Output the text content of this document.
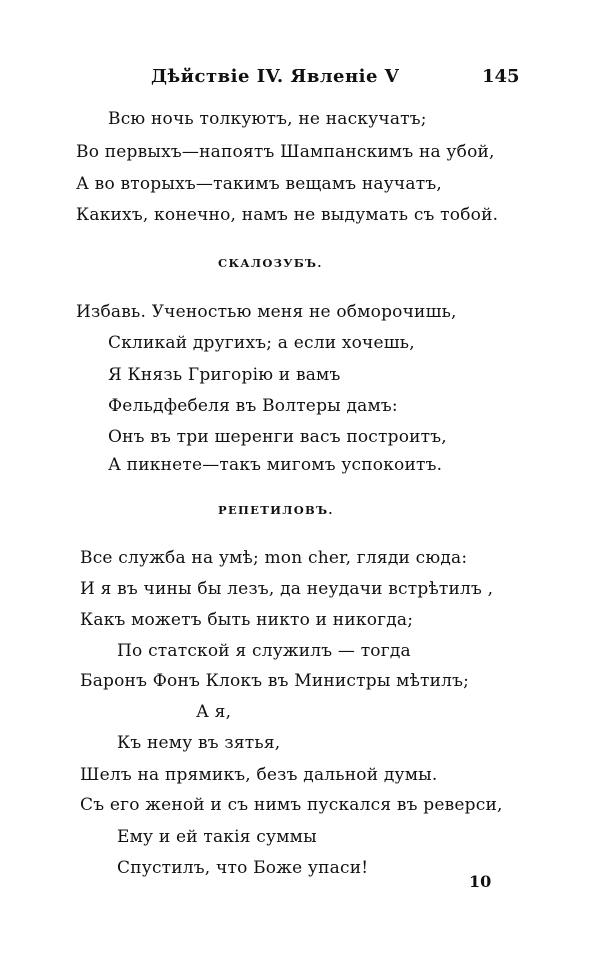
Дѣйствіе IV. Явленіе V	145
Всю ночь толкуютъ, не наскучатъ;
Во первыхъ—напоятъ Шампанскимъ на убой,
А во вторыхъ—такимъ вещамъ научатъ,
Какихъ, конечно, намъ не выдумать съ тобой.
СКАЛОЗУБЪ.
Избавь. Ученостью меня не обморочишь,
Скликай другихъ; а если хочешь,
Я Князь Григорію и вамъ
Фельдфебеля въ Волтеры дамъ:
Онъ въ три шеренги васъ построитъ,
А пикнете—такъ мигомъ успокоитъ.
РЕПЕТИЛОВЪ.
Все служба на умѣ; mon cher, гляди сюда:
И я въ чины бы лезъ, да неудачи встрѣтилъ ,
Какъ можетъ быть никто и никогда;
По статской я служилъ — тогда
Баронъ Фонъ Клокъ въ Министры мѣтилъ;
А я,
Къ нему въ зятья,
Шелъ на прямикъ, безъ дальной думы.
Съ его женой и съ нимъ пускался въ реверси,
Ему и ей такія суммы
Спустилъ, что Боже упаси!
10
